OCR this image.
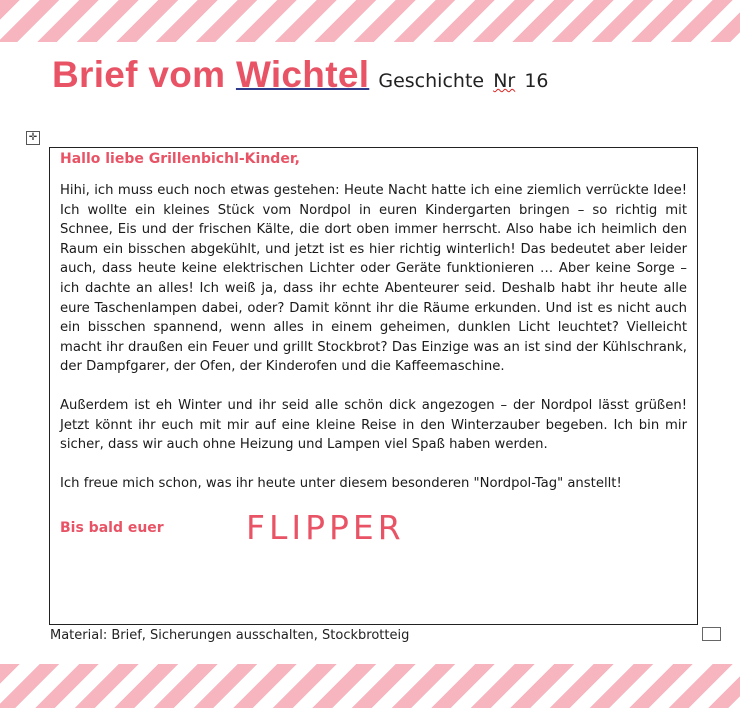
Brief vom Wichtel Geschichte Nr 16
✛

Hallo liebe Grillenbichl-Kinder,

Hihi, ich muss euch noch etwas gestehen: Heute Nacht hatte ich eine ziemlich verrückte Idee! Ich wollte ein kleines Stück vom Nordpol in euren Kindergarten bringen – so richtig mit Schnee, Eis und der frischen Kälte, die dort oben immer herrscht. Also habe ich heimlich den Raum ein bisschen abgekühlt, und jetzt ist es hier richtig winterlich! Das bedeutet aber leider auch, dass heute keine elektrischen Lichter oder Geräte funktionieren … Aber keine Sorge – ich dachte an alles! Ich weiß ja, dass ihr echte Abenteurer seid. Deshalb habt ihr heute alle eure Taschenlampen dabei, oder? Damit könnt ihr die Räume erkunden. Und ist es nicht auch ein bisschen spannend, wenn alles in einem geheimen, dunklen Licht leuchtet? Vielleicht macht ihr draußen ein Feuer und grillt Stockbrot? Das Einzige was an ist sind der Kühlschrank, der Dampfgarer, der Ofen, der Kinderofen und die Kaffeemaschine.

Außerdem ist eh Winter und ihr seid alle schön dick angezogen – der Nordpol lässt grüßen! Jetzt könnt ihr euch mit mir auf eine kleine Reise in den Winterzauber begeben. Ich bin mir sicher, dass wir auch ohne Heizung und Lampen viel Spaß haben werden.

Ich freue mich schon, was ihr heute unter diesem besonderen "Nordpol-Tag" anstellt!

Bis bald euer FLIPPER
Material: Brief, Sicherungen ausschalten, Stockbrotteig
